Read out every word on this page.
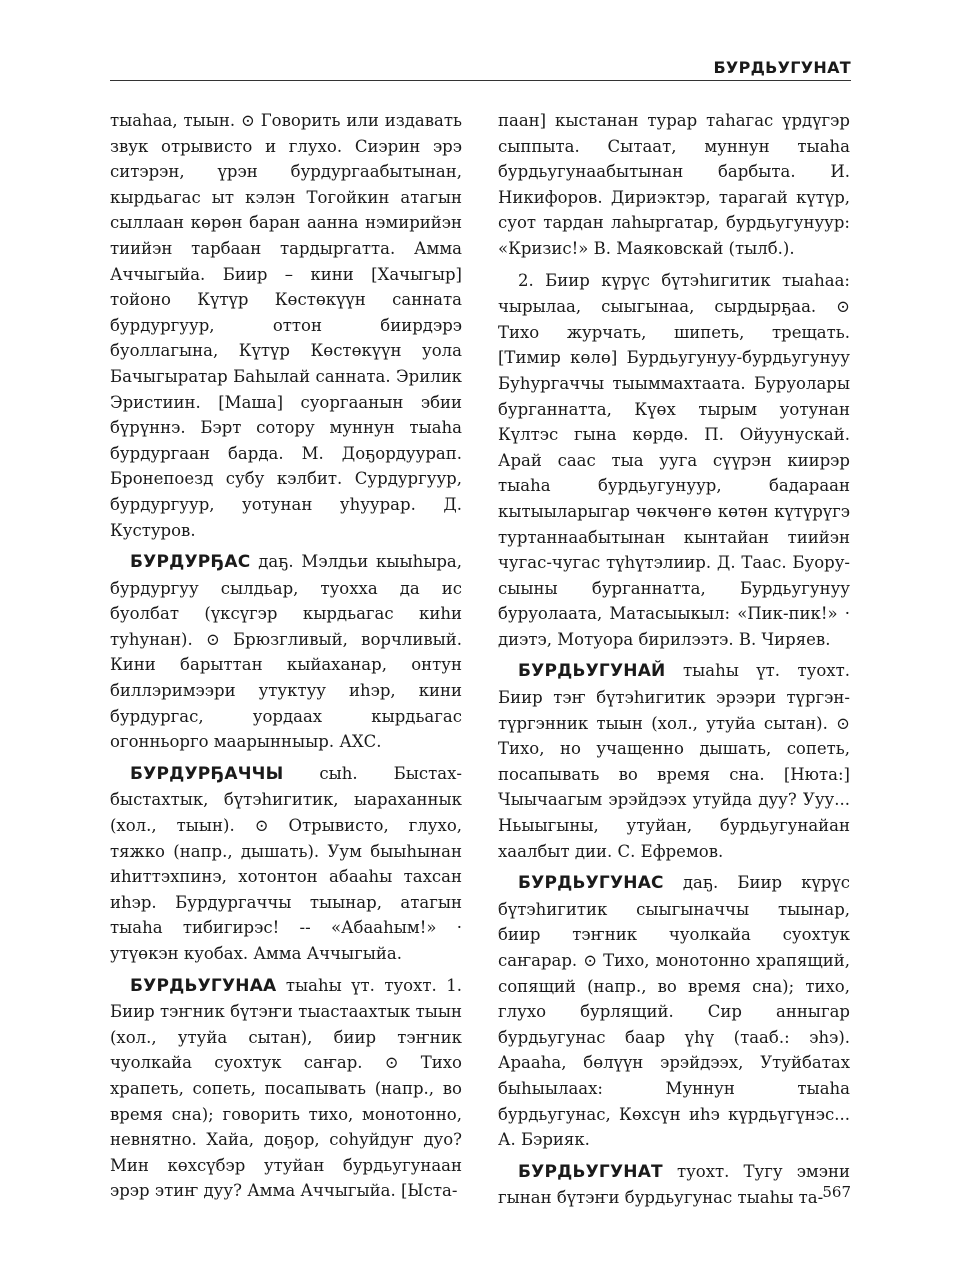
БУРДЬУГУНАТ

тыаhаа, тыын. ⊙ Говорить или издавать звук отрывисто и глухо. Сиэрин эрэ ситэрэн, үрэн бурдургаабытынан, кырдьагас ыт кэлэн Тогойкин атагын сыллаан көрөн баран аанна нэмирийэн тиийэн тарбаан тардыргатта. Амма Аччыгыйа. Биир – кини [Хачыгыр] тойоно Күтүр Көстөкүүн санната бурдургуур, оттон биирдэрэ буоллагына, Күтүр Көстөкүүн уола Бачыгыратар Баhылай санната. Эрилик Эристиин. [Маша] суоргаанын эбии бүрүннэ. Бэрт сотору муннун тыаhа бурдургаан барда. М. Доҕордуурап. Бронепоезд субу кэлбит. Сурдургуур, бурдургуур, уотунан уhуурар. Д. Кустуров.

БУРДУРҔАС даҕ. Мэлдьи кыыhыра, бурдургуу сылдьар, туохха да ис буолбат (үксүгэр кырдьагас киhи туhунан). ⊙ Брюзгливый, ворчливый. Кини барыттан кыйаханар, онтун биллэримээри утуктуу иhэр, кини бурдургас, уордаах кырдьагас огонньорго маарынныыр. АХС.

БУРДУРҔАЧЧЫ сыh. Быстах-быстахтык, бүтэhигитик, ыараханнык (хол., тыын). ⊙ Отрывисто, глухо, тяжко (напр., дышать). Уум быыhынан иhиттэхпинэ, хотонтон абааhы тахсан иhэр. Бурдургаччы тыынар, атагын тыаhа тибигирэс! -- «Абааhым!» · утүөкэн куобах. Амма Аччыгыйа.

БУРДЬУГУНАА тыаhы үт. туохт. 1. Биир тэҥник бүтэҥи тыастаахтык тыын (хол., утуйа сытан), биир тэҥник чуолкайа суохтук саҥар. ⊙ Тихо храпеть, сопеть, посапывать (напр., во время сна); говорить тихо, монотонно, невнятно. Хайа, доҕор, соhуйдуҥ дуо? Мин көхсүбэр утуйан бурдьугунаан эрэр этиҥ дуу? Амма Аччыгыйа. [Ыста-

паан] кыстанан турар таhагас үрдүгэр сыппыта. Сытаат, муннун тыаhа бурдьугунаабытынан барбыта. И. Никифоров. Дириэктэр, тарагай күтүр, суот тардан лаhыргатар, бурдьугунуур: «Кризис!» В. Маяковскай (тылб.).

2. Биир күрүс бүтэhигитик тыаhаа: чырылаа, сыыгынаа, сырдырҕаа. ⊙ Тихо журчать, шипеть, трещать. [Тимир көлө] Бурдьугунуу-бурдьугунуу Буhургаччы тыыммахтаата. Буруолары бурганнатта, Күөх тырым уотунан Күлтэс гына көрдө. П. Ойуунускай. Арай саас тыа ууга сүүрэн киирэр тыаhа бурдьугунуур, бадараан кытыыларыгар чөкчөҥө көтөн күтүрүгэ туртаннаабытынан кынтайан тиийэн чугас-чугас түhүтэлиир. Д. Таас. Буору-сыыны бурганнатта, Бурдьугунуу буруолаата, Матасыыкыл: «Пик-пик!» · диэтэ, Мотуора бирилээтэ. В. Чиряев.

БУРДЬУГУНАЙ тыаhы үт. туохт. Биир тэҥ бүтэhигитик эрээри түргэн-түргэнник тыын (хол., утуйа сытан). ⊙ Тихо, но учащенно дышать, сопеть, посапывать во время сна. [Нюта:] Чыычаагым эрэйдээх утуйда дуу? Ууу... Ньыыгыны, утуйан, бурдьугунайан хаалбыт дии. С. Ефремов.

БУРДЬУГУНАС даҕ. Биир күрүс бүтэhигитик сыыгыначчы тыынар, биир тэҥник чуолкайа суохтук саҥарар. ⊙ Тихо, монотонно храпящий, сопящий (напр., во время сна); тихо, глухо бурлящий. Сир анныгар бурдьугунас баар үhү (тааб.: эhэ). Арааhа, бөлүүн эрэйдээх, Утуйбатах быhыылаах: Муннун тыаhа бурдьугунас, Көхсүн иhэ күрдьүгүнэс... А. Бэрияк.

БУРДЬУГУНАТ туохт. Тугу эмэни гынан бүтэҥи бурдьугунас тыаhы та- 567
